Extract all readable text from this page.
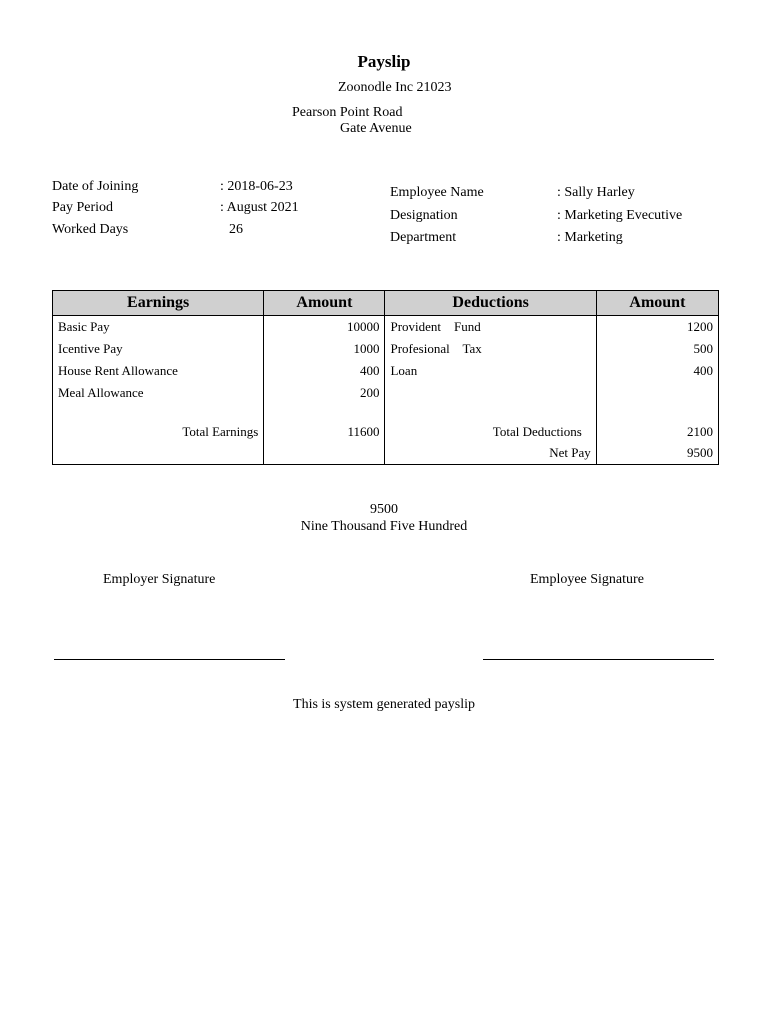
Payslip
Zoonodle Inc 21023
Pearson Point Road
Gate Avenue
Date of Joining	: 2018-06-23
Pay Period	: August 2021
Worked Days	26
Employee Name	: Sally Harley
Designation	: Marketing Evecutive
Department	: Marketing
Earnings	Amount	Deductions	Amount
Basic Pay	10000	Provident    Fund	1200
Icentive Pay	1000	Profesional    Tax	500
House Rent Allowance	400	Loan	400
Meal Allowance	200		
Total Earnings	11600	Total Deductions	2100
		Net Pay	9500
9500
Nine Thousand Five Hundred
Employer Signature	Employee Signature
This is system generated payslip
